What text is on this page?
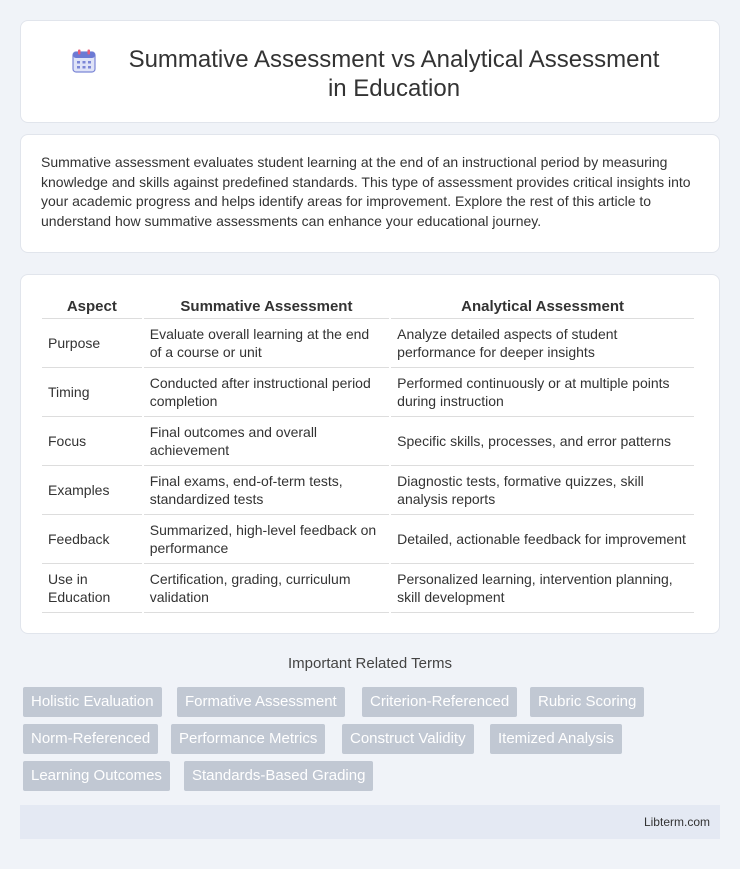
Summative Assessment vs Analytical Assessment in Education

Summative assessment evaluates student learning at the end of an instructional period by measuring knowledge and skills against predefined standards. This type of assessment provides critical insights into your academic progress and helps identify areas for improvement. Explore the rest of this article to understand how summative assessments can enhance your educational journey.

Aspect	Summative Assessment	Analytical Assessment
Purpose	Evaluate overall learning at the end of a course or unit	Analyze detailed aspects of student performance for deeper insights
Timing	Conducted after instructional period completion	Performed continuously or at multiple points during instruction
Focus	Final outcomes and overall achievement	Specific skills, processes, and error patterns
Examples	Final exams, end-of-term tests, standardized tests	Diagnostic tests, formative quizzes, skill analysis reports
Feedback	Summarized, high-level feedback on performance	Detailed, actionable feedback for improvement
Use in Education	Certification, grading, curriculum validation	Personalized learning, intervention planning, skill development
Important Related Terms
Holistic Evaluation	Formative Assessment	Criterion-Referenced	Rubric Scoring
Norm-Referenced	Performance Metrics	Construct Validity	Itemized Analysis
Learning Outcomes	Standards-Based Grading
Libterm.com
